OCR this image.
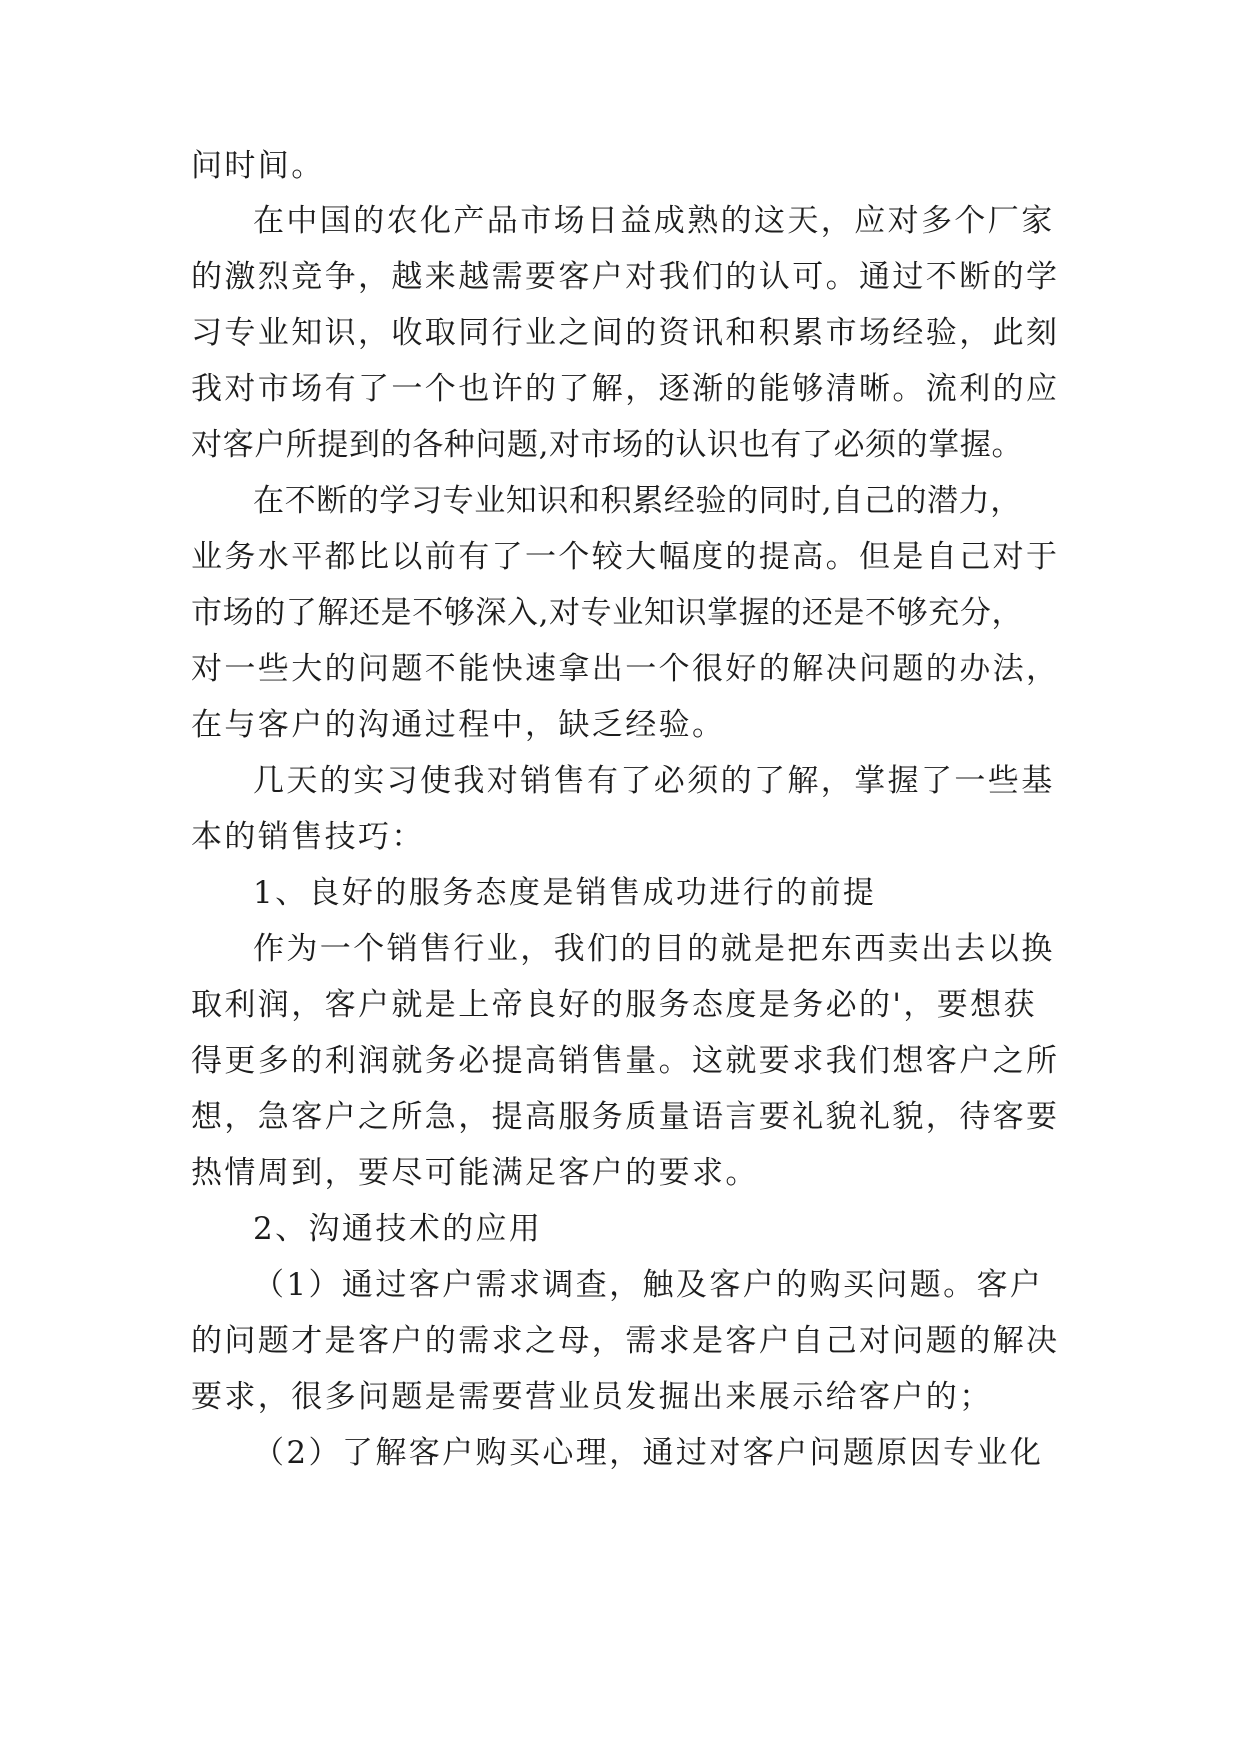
问时间。
在中国的农化产品市场日益成熟的这天，应对多个厂家
的激烈竞争，越来越需要客户对我们的认可。通过不断的学
习专业知识，收取同行业之间的资讯和积累市场经验，此刻
我对市场有了一个也许的了解，逐渐的能够清晰。流利的应
对客户所提到的各种问题,对市场的认识也有了必须的掌握。
在不断的学习专业知识和积累经验的同时,自己的潜力，
业务水平都比以前有了一个较大幅度的提高。但是自己对于
市场的了解还是不够深入,对专业知识掌握的还是不够充分，
对一些大的问题不能快速拿出一个很好的解决问题的办法，
在与客户的沟通过程中，缺乏经验。
几天的实习使我对销售有了必须的了解，掌握了一些基
本的销售技巧：
1、良好的服务态度是销售成功进行的前提
作为一个销售行业，我们的目的就是把东西卖出去以换
取利润，客户就是上帝良好的服务态度是务必的'，要想获
得更多的利润就务必提高销售量。这就要求我们想客户之所
想，急客户之所急，提高服务质量语言要礼貌礼貌，待客要
热情周到，要尽可能满足客户的要求。
2、沟通技术的应用
（1）通过客户需求调查，触及客户的购买问题。客户
的问题才是客户的需求之母，需求是客户自己对问题的解决
要求，很多问题是需要营业员发掘出来展示给客户的；
（2）了解客户购买心理，通过对客户问题原因专业化
